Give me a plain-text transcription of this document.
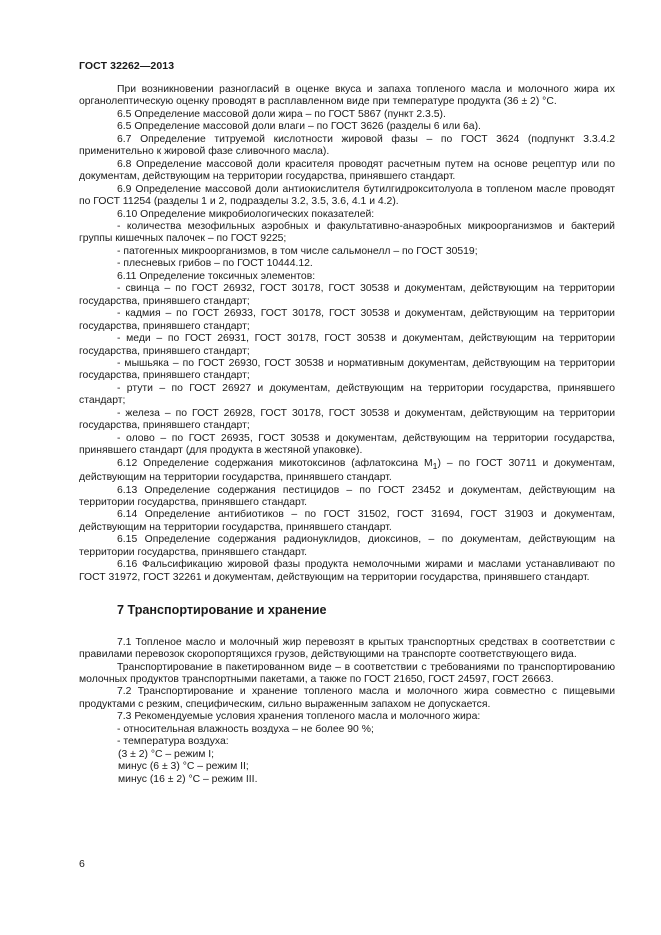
ГОСТ 32262—2013

При возникновении разногласий в оценке вкуса и запаха топленого масла и молочного жира их органолептическую оценку проводят в расплавленном виде при температуре продукта (36 ± 2) °С.

6.5 Определение массовой доли жира – по ГОСТ 5867 (пункт 2.3.5).

6.5 Определение массовой доли влаги – по ГОСТ 3626 (разделы 6 или 6а).

6.7 Определение титруемой кислотности жировой фазы – по ГОСТ 3624 (подпункт 3.3.4.2 применительно к жировой фазе сливочного масла).

6.8 Определение массовой доли красителя проводят расчетным путем на основе рецептур или по документам, действующим на территории государства, принявшего стандарт.

6.9 Определение массовой доли антиокислителя бутилгидрокситолуола в топленом масле проводят по ГОСТ 11254 (разделы 1 и 2, подразделы 3.2, 3.5, 3.6, 4.1 и 4.2).

6.10 Определение микробиологических показателей:

- количества мезофильных аэробных и факультативно-анаэробных микроорганизмов и бактерий группы кишечных палочек – по ГОСТ 9225;

- патогенных микроорганизмов, в том числе сальмонелл – по ГОСТ 30519;

- плесневых грибов – по ГОСТ 10444.12.

6.11 Определение токсичных элементов:

- свинца – по ГОСТ 26932, ГОСТ 30178, ГОСТ 30538 и документам, действующим на территории государства, принявшего стандарт;

- кадмия – по ГОСТ 26933, ГОСТ 30178, ГОСТ 30538 и документам, действующим на территории государства, принявшего стандарт;

- меди – по ГОСТ 26931, ГОСТ 30178, ГОСТ 30538 и документам, действующим на территории государства, принявшего стандарт;

- мышьяка – по ГОСТ 26930, ГОСТ 30538 и нормативным документам, действующим на территории государства, принявшего стандарт;

- ртути – по ГОСТ 26927 и документам, действующим на территории государства, принявшего стандарт;

- железа – по ГОСТ 26928, ГОСТ 30178, ГОСТ 30538 и документам, действующим на территории государства, принявшего стандарт;

- олово – по ГОСТ 26935, ГОСТ 30538 и документам, действующим на территории государства, принявшего стандарт (для продукта в жестяной упаковке).

6.12 Определение содержания микотоксинов (афлатоксина $М_1$) – по ГОСТ 30711 и документам, действующим на территории государства, принявшего стандарт.

6.13 Определение содержания пестицидов – по ГОСТ 23452 и документам, действующим на территории государства, принявшего стандарт.

6.14 Определение антибиотиков – по ГОСТ 31502, ГОСТ 31694, ГОСТ 31903 и документам, действующим на территории государства, принявшего стандарт.

6.15 Определение содержания радионуклидов, диоксинов, – по документам, действующим на территории государства, принявшего стандарт.

6.16 Фальсификацию жировой фазы продукта немолочными жирами и маслами устанавливают по ГОСТ 31972, ГОСТ 32261 и документам, действующим на территории государства, принявшего стандарт.

7 Транспортирование и хранение

7.1 Топленое масло и молочный жир перевозят в крытых транспортных средствах в соответствии с правилами перевозок скоропортящихся грузов, действующими на транспорте соответствующего вида.

Транспортирование в пакетированном виде – в соответствии с требованиями по транспортированию молочных продуктов транспортными пакетами, а также по ГОСТ 21650, ГОСТ 24597, ГОСТ 26663.

7.2 Транспортирование и хранение топленого масла и молочного жира совместно с пищевыми продуктами с резким, специфическим, сильно выраженным запахом не допускается.

7.3 Рекомендуемые условия хранения топленого масла и молочного жира:

- относительная влажность воздуха – не более 90 %;

- температура воздуха:

(3 ± 2) °С – режим I;

минус (6 ± 3) °С – режим II;

минус (16 ± 2) °С – режим III.

6
